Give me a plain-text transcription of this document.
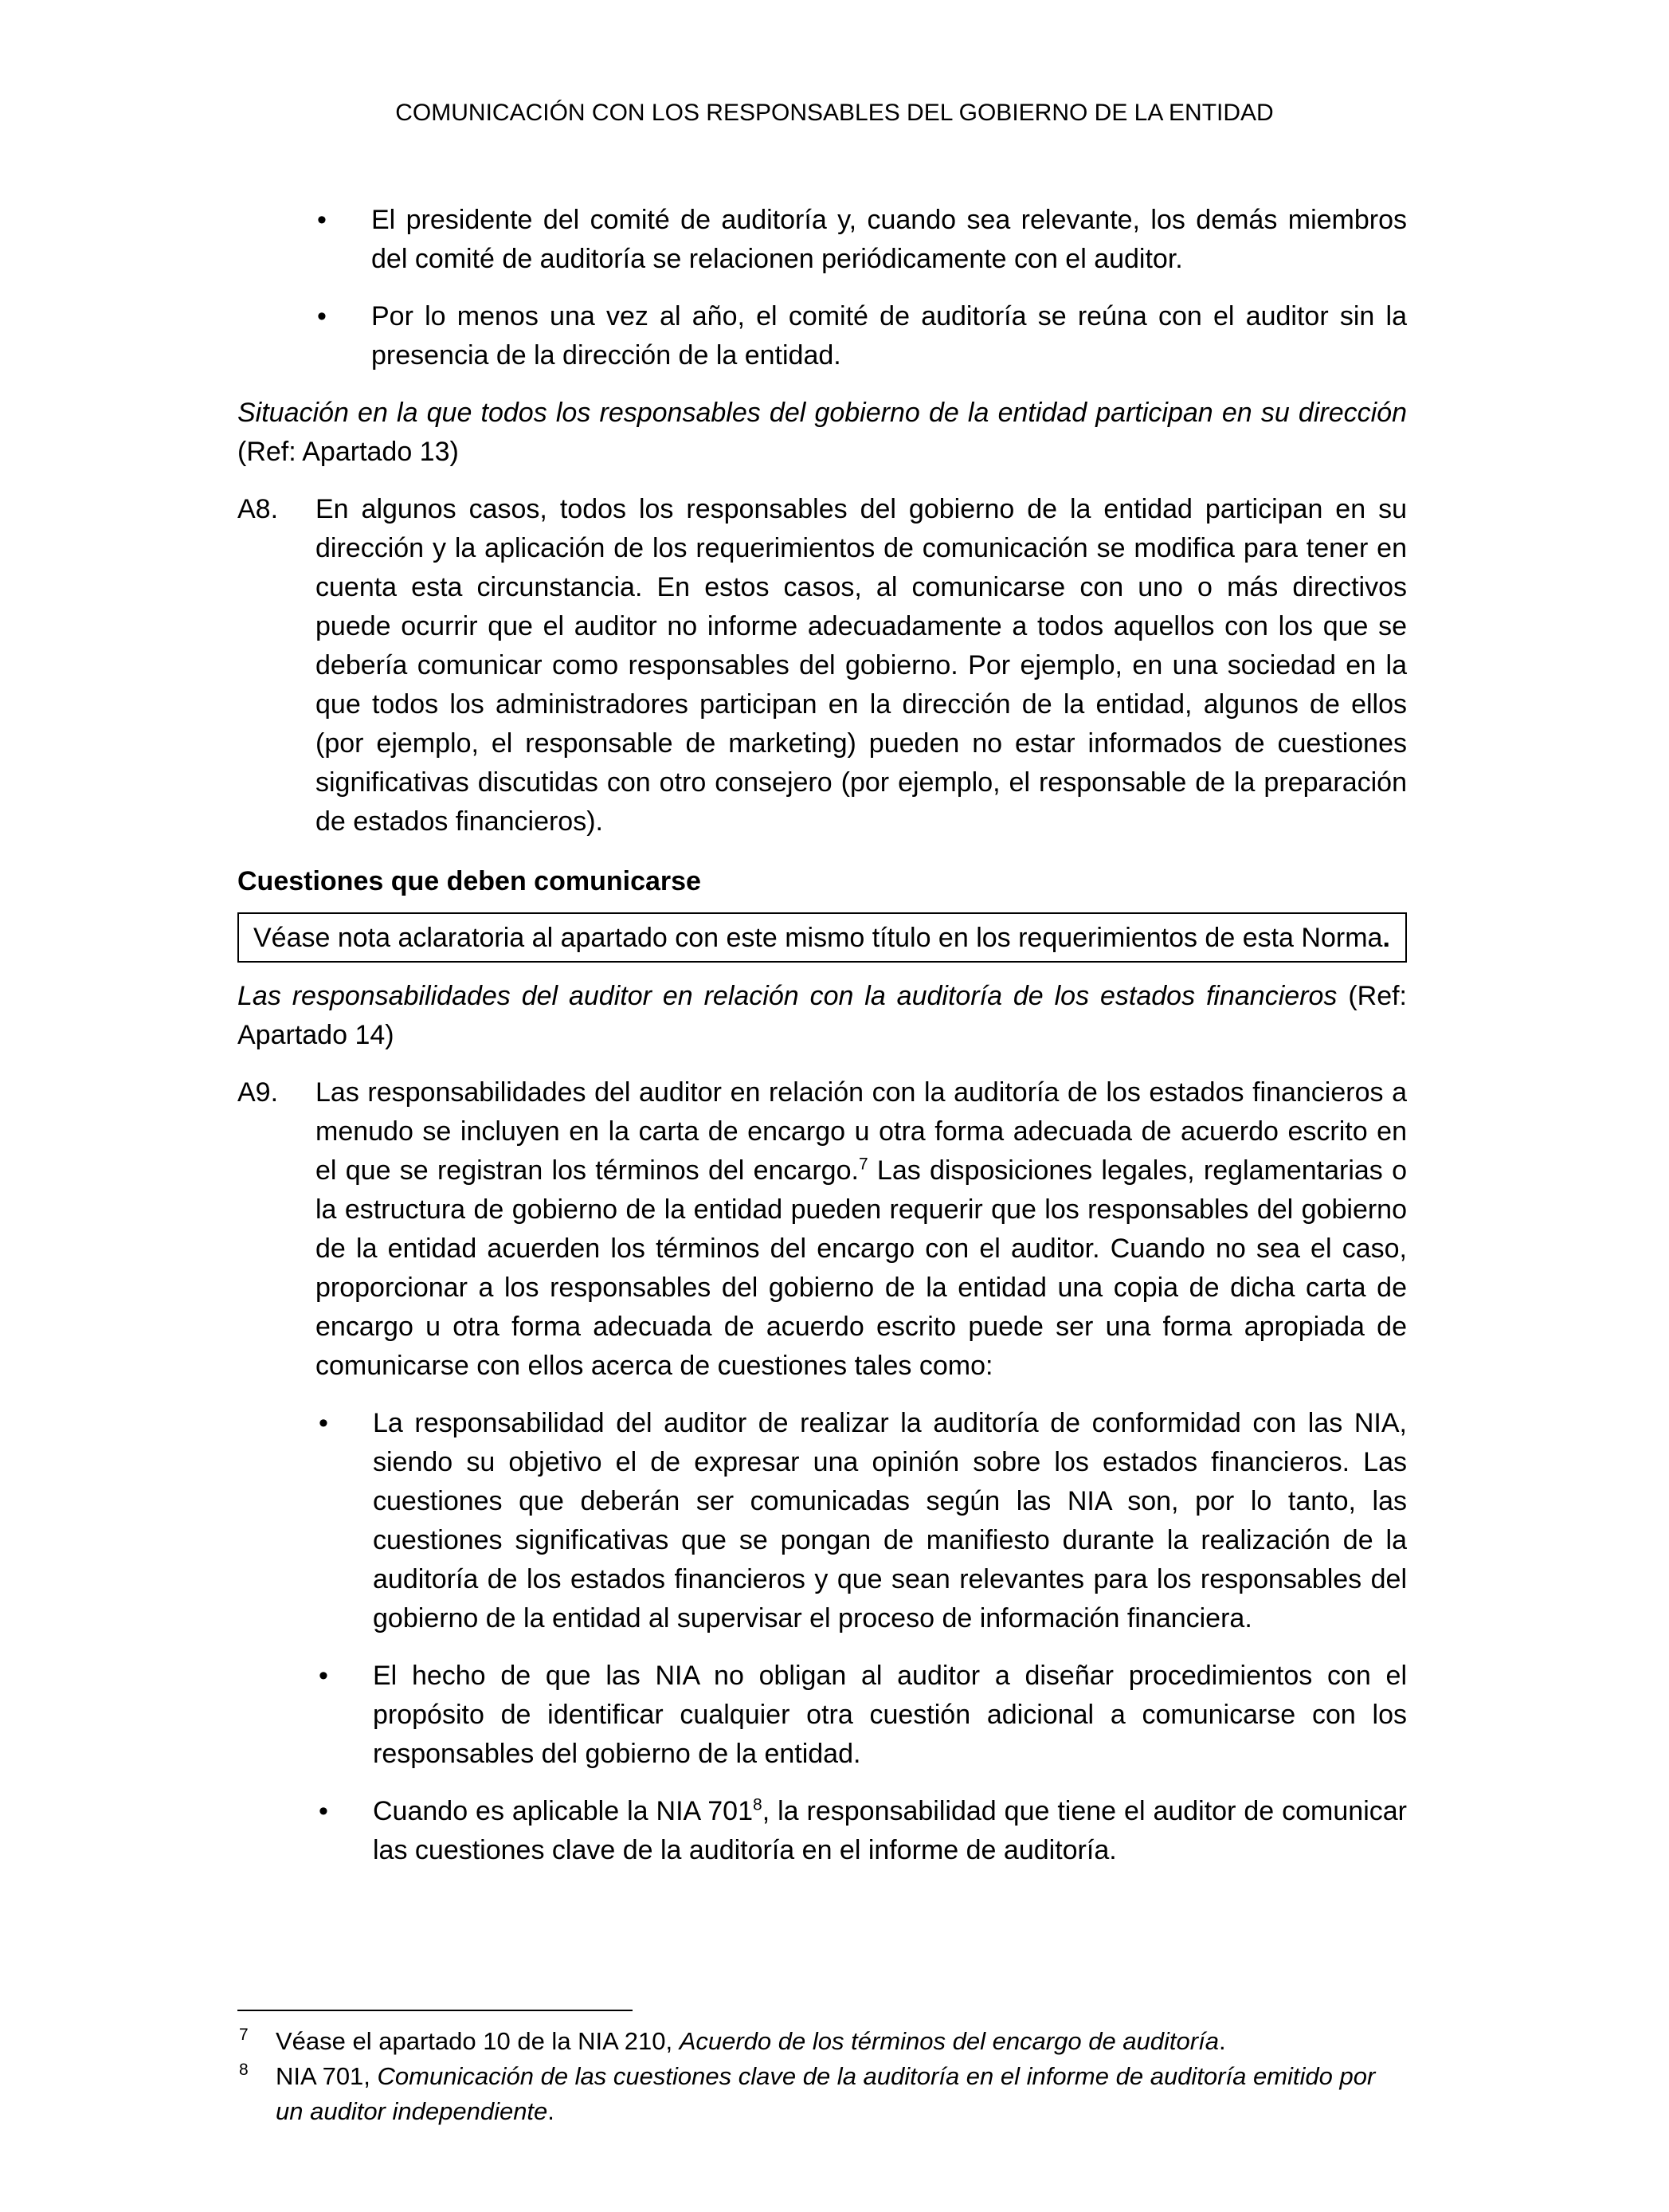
COMUNICACIÓN CON LOS RESPONSABLES DEL GOBIERNO DE LA ENTIDAD
• El presidente del comité de auditoría y, cuando sea relevante, los demás miembros del comité de auditoría se relacionen periódicamente con el auditor.
• Por lo menos una vez al año, el comité de auditoría se reúna con el auditor sin la presencia de la dirección de la entidad.

Situación en la que todos los responsables del gobierno de la entidad participan en su dirección (Ref: Apartado 13)

A8. En algunos casos, todos los responsables del gobierno de la entidad participan en su dirección y la aplicación de los requerimientos de comunicación se modifica para tener en cuenta esta circunstancia. En estos casos, al comunicarse con uno o más directivos puede ocurrir que el auditor no informe adecuadamente a todos aquellos con los que se debería comunicar como responsables del gobierno. Por ejemplo, en una sociedad en la que todos los administradores participan en la dirección de la entidad, algunos de ellos (por ejemplo, el responsable de marketing) pueden no estar informados de cuestiones significativas discutidas con otro consejero (por ejemplo, el responsable de la preparación de estados financieros).
Cuestiones que deben comunicarse
Véase nota aclaratoria al apartado con este mismo título en los requerimientos de esta Norma.

Las responsabilidades del auditor en relación con la auditoría de los estados financieros (Ref: Apartado 14)

A9. Las responsabilidades del auditor en relación con la auditoría de los estados financieros a menudo se incluyen en la carta de encargo u otra forma adecuada de acuerdo escrito en el que se registran los términos del encargo.$^7$ Las disposiciones legales, reglamentarias o la estructura de gobierno de la entidad pueden requerir que los responsables del gobierno de la entidad acuerden los términos del encargo con el auditor. Cuando no sea el caso, proporcionar a los responsables del gobierno de la entidad una copia de dicha carta de encargo u otra forma adecuada de acuerdo escrito puede ser una forma apropiada de comunicarse con ellos acerca de cuestiones tales como:
• La responsabilidad del auditor de realizar la auditoría de conformidad con las NIA, siendo su objetivo el de expresar una opinión sobre los estados financieros. Las cuestiones que deberán ser comunicadas según las NIA son, por lo tanto, las cuestiones significativas que se pongan de manifiesto durante la realización de la auditoría de los estados financieros y que sean relevantes para los responsables del gobierno de la entidad al supervisar el proceso de información financiera.
• El hecho de que las NIA no obligan al auditor a diseñar procedimientos con el propósito de identificar cualquier otra cuestión adicional a comunicarse con los responsables del gobierno de la entidad.
• Cuando es aplicable la NIA $701^8$, la responsabilidad que tiene el auditor de comunicar las cuestiones clave de la auditoría en el informe de auditoría.
7 Véase el apartado 10 de la NIA 210, Acuerdo de los términos del encargo de auditoría.
8 NIA 701, Comunicación de las cuestiones clave de la auditoría en el informe de auditoría emitido por un auditor independiente.
